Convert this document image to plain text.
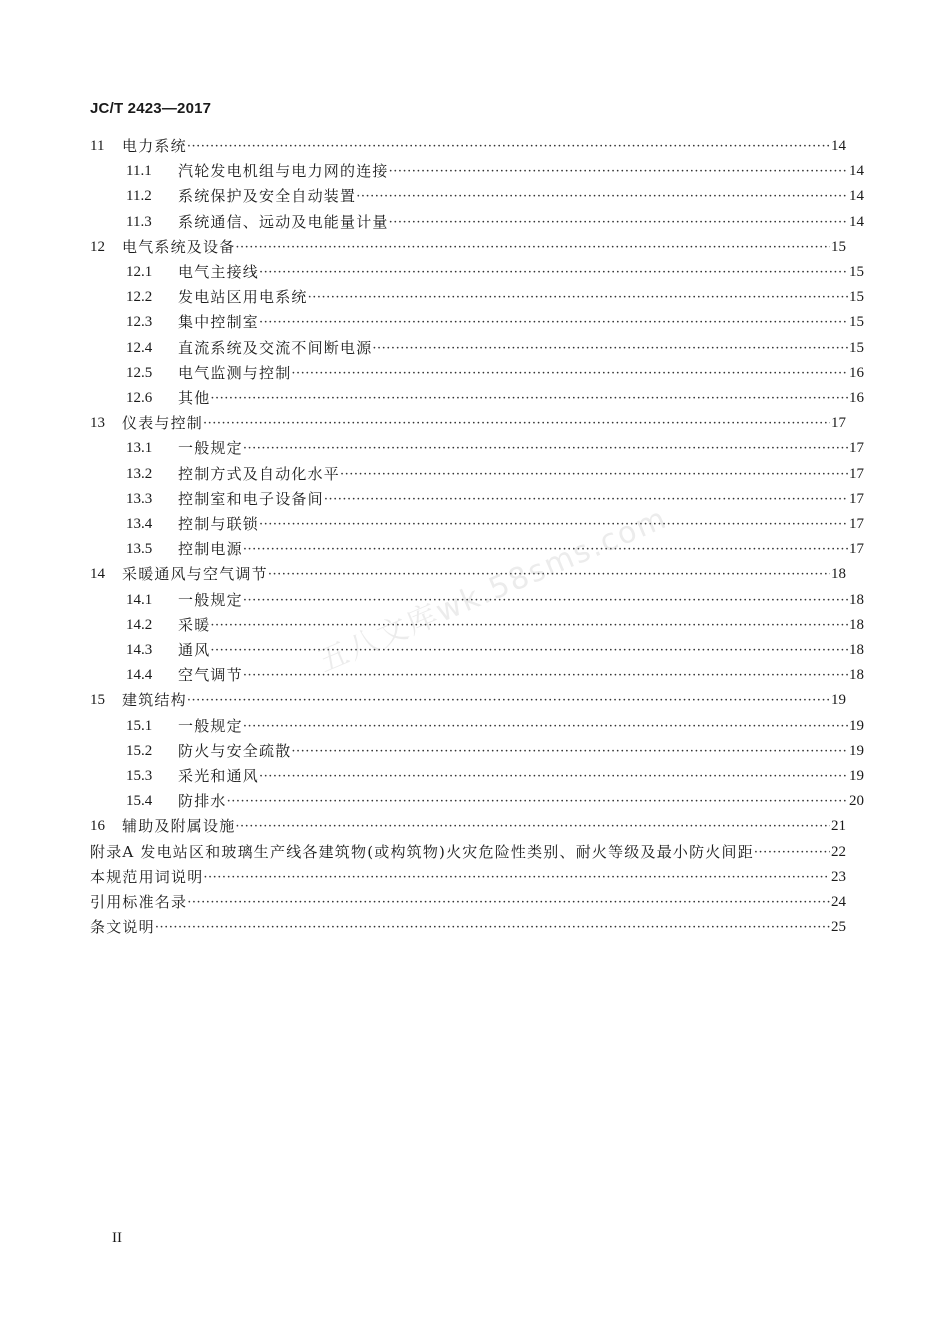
JC/T 2423—2017
11	电力系统 ·····	14
11.1	汽轮发电机组与电力网的连接 ·····	14
11.2	系统保护及安全自动装置 ·····	14
11.3	系统通信、远动及电能量计量 ·····	14
12	电气系统及设备 ·····	15
12.1	电气主接线 ·····	15
12.2	发电站区用电系统 ·····	15
12.3	集中控制室 ·····	15
12.4	直流系统及交流不间断电源 ·····	15
12.5	电气监测与控制 ·····	16
12.6	其他 ·····	16
13	仪表与控制 ·····	17
13.1	一般规定 ·····	17
13.2	控制方式及自动化水平 ·····	17
13.3	控制室和电子设备间 ·····	17
13.4	控制与联锁 ·····	17
13.5	控制电源 ·····	17
14	采暖通风与空气调节 ·····	18
14.1	一般规定 ·····	18
14.2	采暖 ·····	18
14.3	通风 ·····	18
14.4	空气调节 ·····	18
15	建筑结构 ·····	19
15.1	一般规定 ·····	19
15.2	防火与安全疏散 ·····	19
15.3	采光和通风 ·····	19
15.4	防排水 ·····	20
16	辅助及附属设施 ·····	21
附录A 发电站区和玻璃生产线各建筑物(或构筑物)火灾危险性类别、耐火等级及最小防火间距 ·····	22
本规范用词说明 ·····	23
引用标准名录 ·····	24
条文说明 ·····	25
五八文库wk.58sms.com
II
